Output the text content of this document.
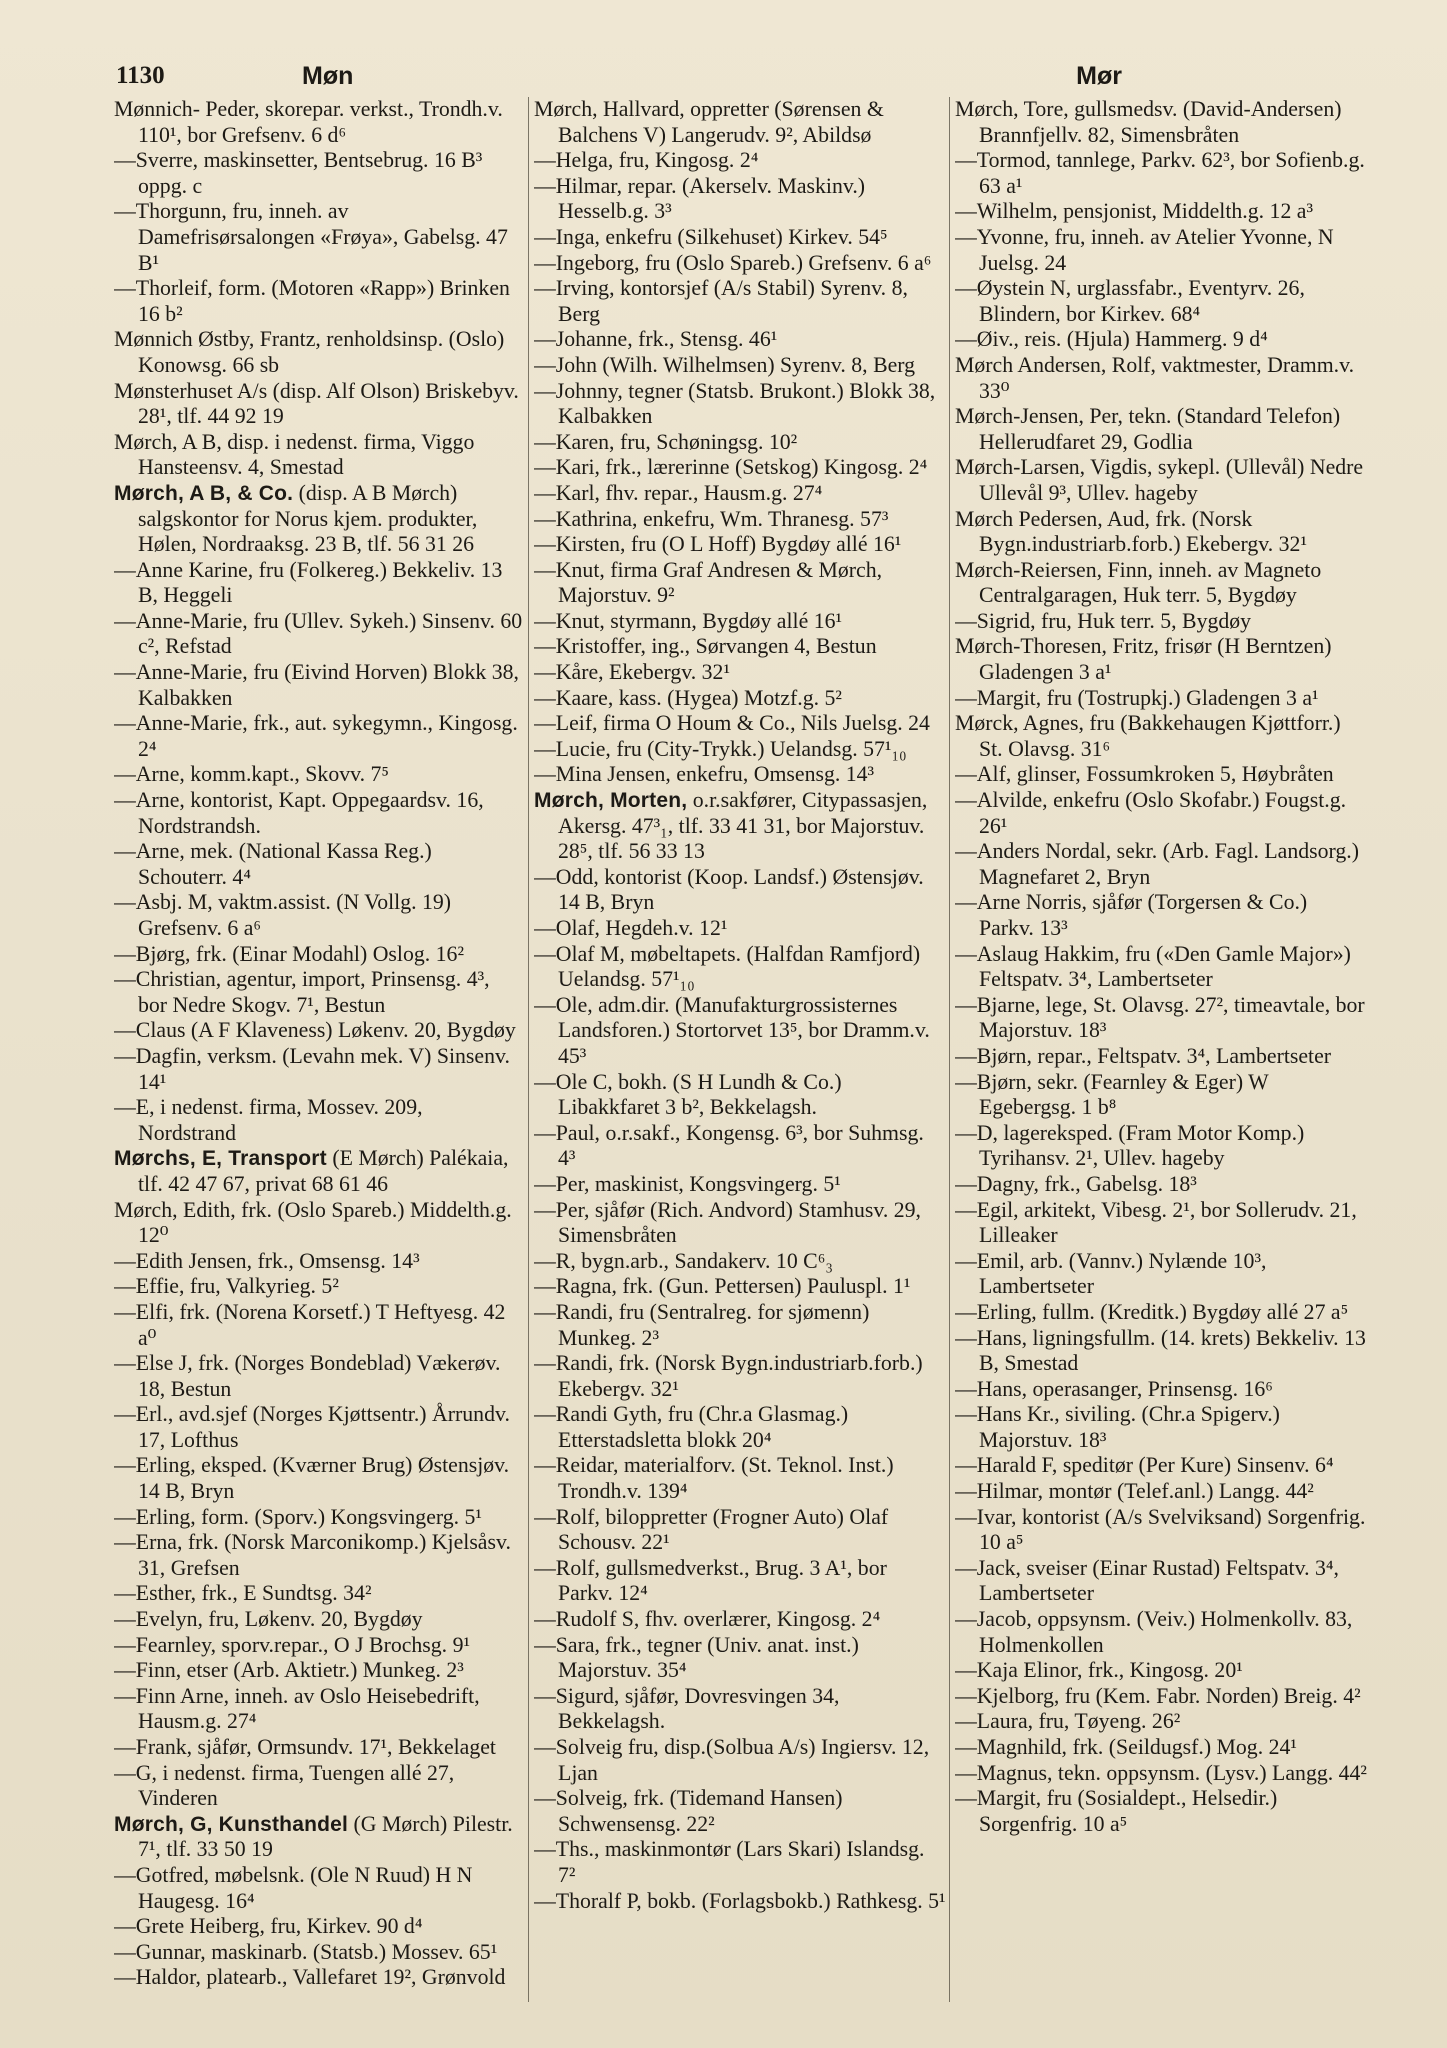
1130	Møn	Mør

Mønnich- Peder, skorepar. verkst., Trondh.v. 110¹, bor Grefsenv. 6 d⁶

—Sverre, maskinsetter, Bentsebrug. 16 B³ oppg. c

—Thorgunn, fru, inneh. av Damefrisørsalongen «Frøya», Gabelsg. 47 B¹

—Thorleif, form. (Motoren «Rapp») Brinken 16 b²

Mønnich Østby, Frantz, renholdsinsp. (Oslo) Konowsg. 66 sb

Mønsterhuset A/s (disp. Alf Olson) Briskebyv. 28¹, tlf. 44 92 19

Mørch, A B, disp. i nedenst. firma, Viggo Hansteensv. 4, Smestad

Mørch, A B, & Co. (disp. A B Mørch) salgskontor for Norus kjem. produkter, Hølen, Nordraaksg. 23 B, tlf. 56 31 26

—Anne Karine, fru (Folkereg.) Bekkeliv. 13 B, Heggeli

—Anne-Marie, fru (Ullev. Sykeh.) Sinsenv. 60 c², Refstad

—Anne-Marie, fru (Eivind Horven) Blokk 38, Kalbakken

—Anne-Marie, frk., aut. sykegymn., Kingosg. 2⁴

—Arne, komm.kapt., Skovv. 7⁵

—Arne, kontorist, Kapt. Oppegaardsv. 16, Nordstrandsh.

—Arne, mek. (National Kassa Reg.) Schouterr. 4⁴

—Asbj. M, vaktm.assist. (N Vollg. 19) Grefsenv. 6 a⁶

—Bjørg, frk. (Einar Modahl) Oslog. 16²

—Christian, agentur, import, Prinsensg. 4³, bor Nedre Skogv. 7¹, Bestun

—Claus (A F Klaveness) Løkenv. 20, Bygdøy

—Dagfin, verksm. (Levahn mek. V) Sinsenv. 14¹

—E, i nedenst. firma, Mossev. 209, Nordstrand

Mørchs, E, Transport (E Mørch) Palékaia, tlf. 42 47 67, privat 68 61 46

Mørch, Edith, frk. (Oslo Spareb.) Middelth.g. 12⁰

—Edith Jensen, frk., Omsensg. 14³

—Effie, fru, Valkyrieg. 5²

—Elfi, frk. (Norena Korsetf.) T Heftyesg. 42 a⁰

—Else J, frk. (Norges Bondeblad) Vækerøv. 18, Bestun

—Erl., avd.sjef (Norges Kjøttsentr.) Årrundv. 17, Lofthus

—Erling, eksped. (Kværner Brug) Østensjøv. 14 B, Bryn

—Erling, form. (Sporv.) Kongsvingerg. 5¹

—Erna, frk. (Norsk Marconikomp.) Kjelsåsv. 31, Grefsen

—Esther, frk., E Sundtsg. 34²

—Evelyn, fru, Løkenv. 20, Bygdøy

—Fearnley, sporv.repar., O J Brochsg. 9¹

—Finn, etser (Arb. Aktietr.) Munkeg. 2³

—Finn Arne, inneh. av Oslo Heisebedrift, Hausm.g. 27⁴

—Frank, sjåfør, Ormsundv. 17¹, Bekkelaget

—G, i nedenst. firma, Tuengen allé 27, Vinderen

Mørch, G, Kunsthandel (G Mørch) Pilestr. 7¹, tlf. 33 50 19

—Gotfred, møbelsnk. (Ole N Ruud) H N Haugesg. 16⁴

—Grete Heiberg, fru, Kirkev. 90 d⁴

—Gunnar, maskinarb. (Statsb.) Mossev. 65¹

—Haldor, platearb., Vallefaret 19², Grønvold

Mørch, Hallvard, oppretter (Sørensen & Balchens V) Langerudv. 9², Abildsø

—Helga, fru, Kingosg. 2⁴

—Hilmar, repar. (Akerselv. Maskinv.) Hesselb.g. 3³

—Inga, enkefru (Silkehuset) Kirkev. 54⁵

—Ingeborg, fru (Oslo Spareb.) Grefsenv. 6 a⁶

—Irving, kontorsjef (A/s Stabil) Syrenv. 8, Berg

—Johanne, frk., Stensg. 46¹

—John (Wilh. Wilhelmsen) Syrenv. 8, Berg

—Johnny, tegner (Statsb. Brukont.) Blokk 38, Kalbakken

—Karen, fru, Schøningsg. 10²

—Kari, frk., lærerinne (Setskog) Kingosg. 2⁴

—Karl, fhv. repar., Hausm.g. 27⁴

—Kathrina, enkefru, Wm. Thranesg. 57³

—Kirsten, fru (O L Hoff) Bygdøy allé 16¹

—Knut, firma Graf Andresen & Mørch, Majorstuv. 9²

—Knut, styrmann, Bygdøy allé 16¹

—Kristoffer, ing., Sørvangen 4, Bestun

—Kåre, Ekebergv. 32¹

—Kaare, kass. (Hygea) Motzf.g. 5²

—Leif, firma O Houm & Co., Nils Juelsg. 24

—Lucie, fru (City-Trykk.) Uelandsg. 57¹₁₀

—Mina Jensen, enkefru, Omsensg. 14³

Mørch, Morten, o.r.sakfører, Citypassasjen, Akersg. 47³₁, tlf. 33 41 31, bor Majorstuv. 28⁵, tlf. 56 33 13

—Odd, kontorist (Koop. Landsf.) Østensjøv. 14 B, Bryn

—Olaf, Hegdeh.v. 12¹

—Olaf M, møbeltapets. (Halfdan Ramfjord) Uelandsg. 57¹₁₀

—Ole, adm.dir. (Manufakturgrossisternes Landsforen.) Stortorvet 13⁵, bor Dramm.v. 45³

—Ole C, bokh. (S H Lundh & Co.) Libakkfaret 3 b², Bekkelagsh.

—Paul, o.r.sakf., Kongensg. 6³, bor Suhmsg. 4³

—Per, maskinist, Kongsvingerg. 5¹

—Per, sjåfør (Rich. Andvord) Stamhusv. 29, Simensbråten

—R, bygn.arb., Sandakerv. 10 C⁶₃

—Ragna, frk. (Gun. Pettersen) Pauluspl. 1¹

—Randi, fru (Sentralreg. for sjømenn) Munkeg. 2³

—Randi, frk. (Norsk Bygn.industriarb.forb.) Ekebergv. 32¹

—Randi Gyth, fru (Chr.a Glasmag.) Etterstadsletta blokk 20⁴

—Reidar, materialforv. (St. Teknol. Inst.) Trondh.v. 139⁴

—Rolf, biloppretter (Frogner Auto) Olaf Schousv. 22¹

—Rolf, gullsmedverkst., Brug. 3 A¹, bor Parkv. 12⁴

—Rudolf S, fhv. overlærer, Kingosg. 2⁴

—Sara, frk., tegner (Univ. anat. inst.) Majorstuv. 35⁴

—Sigurd, sjåfør, Dovresvingen 34, Bekkelagsh.

—Solveig fru, disp.(Solbua A/s) Ingiersv. 12, Ljan

—Solveig, frk. (Tidemand Hansen) Schwensensg. 22²

—Ths., maskinmontør (Lars Skari) Islandsg. 7²

—Thoralf P, bokb. (Forlagsbokb.) Rathkesg. 5¹

Mørch, Tore, gullsmedsv. (David-Andersen) Brannfjellv. 82, Simensbråten

—Tormod, tannlege, Parkv. 62³, bor Sofienb.g. 63 a¹

—Wilhelm, pensjonist, Middelth.g. 12 a³

—Yvonne, fru, inneh. av Atelier Yvonne, N Juelsg. 24

—Øystein N, urglassfabr., Eventyrv. 26, Blindern, bor Kirkev. 68⁴

—Øiv., reis. (Hjula) Hammerg. 9 d⁴

Mørch Andersen, Rolf, vaktmester, Dramm.v. 33⁰

Mørch-Jensen, Per, tekn. (Standard Telefon) Hellerudfaret 29, Godlia

Mørch-Larsen, Vigdis, sykepl. (Ullevål) Nedre Ullevål 9³, Ullev. hageby

Mørch Pedersen, Aud, frk. (Norsk Bygn.industriarb.forb.) Ekebergv. 32¹

Mørch-Reiersen, Finn, inneh. av Magneto Centralgaragen, Huk terr. 5, Bygdøy

—Sigrid, fru, Huk terr. 5, Bygdøy

Mørch-Thoresen, Fritz, frisør (H Berntzen) Gladengen 3 a¹

—Margit, fru (Tostrupkj.) Gladengen 3 a¹

Mørck, Agnes, fru (Bakkehaugen Kjøttforr.) St. Olavsg. 31⁶

—Alf, glinser, Fossumkroken 5, Høybråten

—Alvilde, enkefru (Oslo Skofabr.) Fougst.g. 26¹

—Anders Nordal, sekr. (Arb. Fagl. Landsorg.) Magnefaret 2, Bryn

—Arne Norris, sjåfør (Torgersen & Co.) Parkv. 13³

—Aslaug Hakkim, fru («Den Gamle Major») Feltspatv. 3⁴, Lambertseter

—Bjarne, lege, St. Olavsg. 27², timeavtale, bor Majorstuv. 18³

—Bjørn, repar., Feltspatv. 3⁴, Lambertseter

—Bjørn, sekr. (Fearnley & Eger) W Egebergsg. 1 b⁸

—D, lagereksped. (Fram Motor Komp.) Tyrihansv. 2¹, Ullev. hageby

—Dagny, frk., Gabelsg. 18³

—Egil, arkitekt, Vibesg. 2¹, bor Sollerudv. 21, Lilleaker

—Emil, arb. (Vannv.) Nylænde 10³, Lambertseter

—Erling, fullm. (Kreditk.) Bygdøy allé 27 a⁵

—Hans, ligningsfullm. (14. krets) Bekkeliv. 13 B, Smestad

—Hans, operasanger, Prinsensg. 16⁶

—Hans Kr., siviling. (Chr.a Spigerv.) Majorstuv. 18³

—Harald F, speditør (Per Kure) Sinsenv. 6⁴

—Hilmar, montør (Telef.anl.) Langg. 44²

—Ivar, kontorist (A/s Svelviksand) Sorgenfrig. 10 a⁵

—Jack, sveiser (Einar Rustad) Feltspatv. 3⁴, Lambertseter

—Jacob, oppsynsm. (Veiv.) Holmenkollv. 83, Holmenkollen

—Kaja Elinor, frk., Kingosg. 20¹

—Kjelborg, fru (Kem. Fabr. Norden) Breig. 4²

—Laura, fru, Tøyeng. 26²

—Magnhild, frk. (Seildugsf.) Mog. 24¹

—Magnus, tekn. oppsynsm. (Lysv.) Langg. 44²

—Margit, fru (Sosialdept., Helsedir.) Sorgenfrig. 10 a⁵
